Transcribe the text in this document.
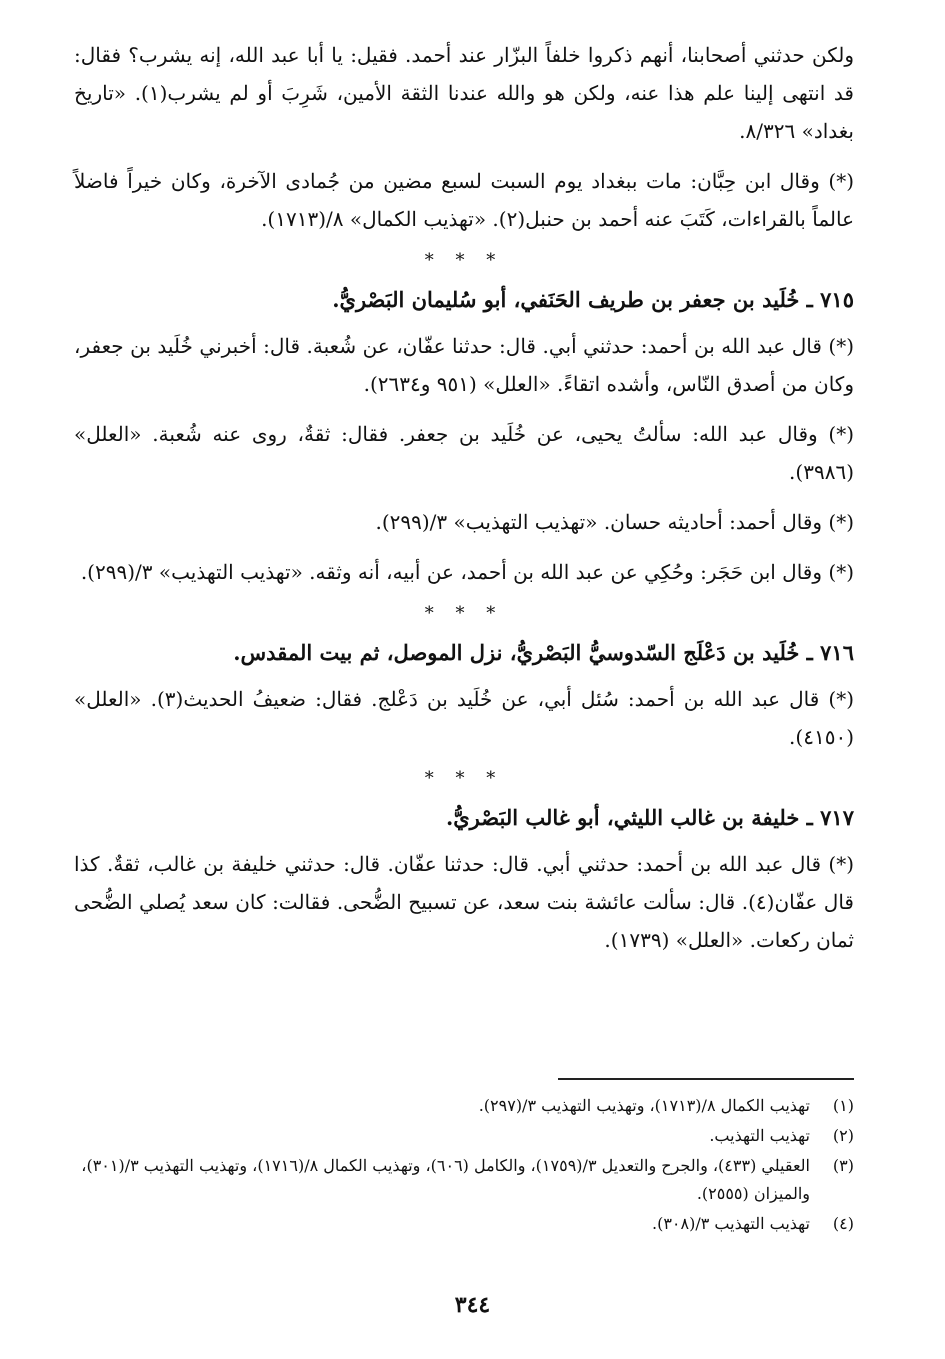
ولكن حدثني أصحابنا، أنهم ذكروا خلفاً البزّار عند أحمد. فقيل: يا أبا عبد الله، إنه يشرب؟ فقال: قد انتهى إلينا علم هذا عنه، ولكن هو والله عندنا الثقة الأمين، شَرِبَ أو لم يشرب(١). «تاريخ بغداد» ٨/٣٢٦.

(*) وقال ابن حِبَّان: مات ببغداد يوم السبت لسبع مضين من جُمادى الآخرة، وكان خيراً فاضلاً عالماً بالقراءات، كَتَبَ عنه أحمد بن حنبل(٢). «تهذيب الكمال» ٨/(١٧١٣).

* * *
٧١٥ ـ خُلَيد بن جعفر بن طريف الحَنَفي، أبو سُليمان البَصْريُّ.

(*) قال عبد الله بن أحمد: حدثني أبي. قال: حدثنا عفّان، عن شُعبة. قال: أخبرني خُلَيد بن جعفر، وكان من أصدق النّاس، وأشده اتقاءً. «العلل» (٩٥١ و٢٦٣٤).

(*) وقال عبد الله: سألتُ يحيى، عن خُلَيد بن جعفر. فقال: ثقةٌ، روى عنه شُعبة. «العلل» (٣٩٨٦).

(*) وقال أحمد: أحاديثه حسان. «تهذيب التهذيب» ٣/(٢٩٩).

(*) وقال ابن حَجَر: وحُكِي عن عبد الله بن أحمد، عن أبيه، أنه وثقه. «تهذيب التهذيب» ٣/(٢٩٩).

* * *
٧١٦ ـ خُلَيد بن دَعْلَج السّدوسيُّ البَصْريُّ، نزل الموصل، ثم بيت المقدس.

(*) قال عبد الله بن أحمد: سُئل أبي، عن خُلَيد بن دَعْلج. فقال: ضعيفُ الحديث(٣). «العلل» (٤١٥٠).

* * *
٧١٧ ـ خليفة بن غالب الليثي، أبو غالب البَصْريُّ.

(*) قال عبد الله بن أحمد: حدثني أبي. قال: حدثنا عفّان. قال: حدثني خليفة بن غالب، ثقةٌ. كذا قال عفّان(٤). قال: سألت عائشة بنت سعد، عن تسبيح الضُّحى. فقالت: كان سعد يُصلي الضُّحى ثمان ركعات. «العلل» (١٧٣٩).

(١)
تهذيب الكمال ٨/(١٧١٣)، وتهذيب التهذيب ٣/(٢٩٧).
(٢)
تهذيب التهذيب.
(٣)
العقيلي (٤٣٣)، والجرح والتعديل ٣/(١٧٥٩)، والكامل (٦٠٦)، وتهذيب الكمال ٨/(١٧١٦)، وتهذيب التهذيب ٣/(٣٠١)، والميزان (٢٥٥٥).
(٤)
تهذيب التهذيب ٣/(٣٠٨).
٣٤٤
